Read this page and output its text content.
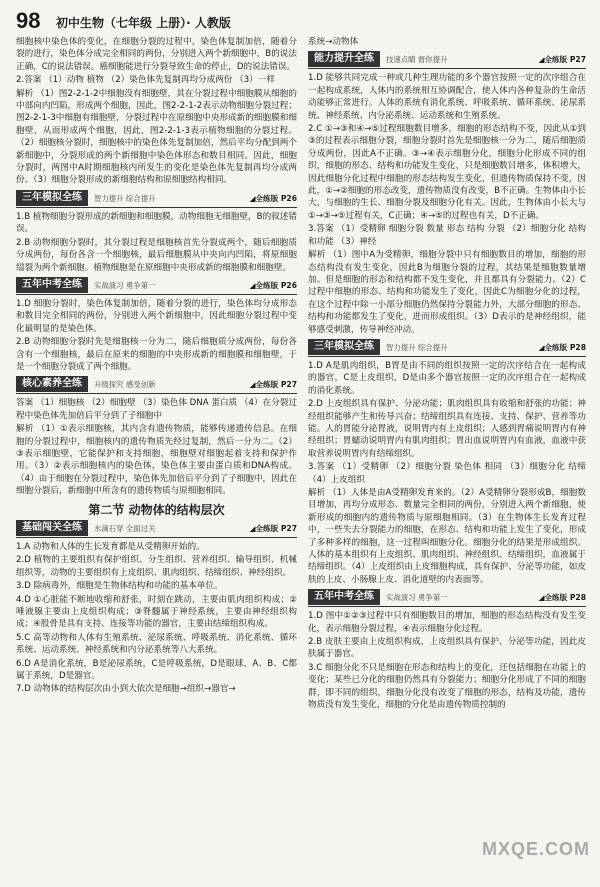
98 初中生物（七年级 上册）· 人教版

细胞核中染色体的变化，在细胞分裂的过程中，染色体复制加倍，随着分裂的进行，染色体分成完全相同的两份，分别进入两个新细胞中，B的说法正确，C的说法错误。癌细胞能进行分裂导致生命的停止，D的说法错误。

2.答案 （1）动物 植物 （2）染色体先复制再均分成两份 （3）一样

解析 （1）图2-2-1-2中细胞没有细胞壁，其在分裂过程中细胞膜从细胞的中部向内凹陷，形成两个细胞，因此，图2-2-1-2表示动物细胞分裂过程；图2-2-1-3中细胞有细胞壁，分裂过程中在原细胞中央形成新的细胞膜和细胞壁，从而形成两个细胞，因此，图2-2-1-3表示植物细胞的分裂过程。（2）细胞核分裂时，细胞核中的染色体先复制加倍，然后平均分配到两个新细胞中，分裂形成的两个新细胞中染色体形态和数目相同。因此，细胞分裂时，两图中A时期细胞核内所发生的变化是染色体先复制再均分成两份。（3）细胞分裂形成的新细胞结构和原细胞结构相同。

三年模拟全练	智力提升 综合提升	◢全练版 P26

1.B 植物细胞分裂形成的新细胞和细胞膜，动物细胞无细胞壁，B的叙述错误。

2.B 动物细胞分裂时，其分裂过程是细胞核首先分裂成两个，随后细胞质分成两份，每份各含一个细胞核，最后细胞膜从中央向内凹陷，将原细胞缢裂为两个新细胞。植物细胞是在原细胞中央形成新的细胞膜和细胞壁。

五年中考全练	实战演习 勇争第一	◢全练版 P26

1.D 细胞分裂时，染色体复制加倍，随着分裂的进行，染色体均分成形态和数目完全相同的两份，分别进入两个新细胞中，因此细胞分裂过程中变化最明显的是染色体。

2.B 动物细胞分裂时先是细胞核一分为二，随后细胞质分成两份，每份各含有一个细胞核，最后在原来的细胞的中央形成新的细胞膜和细胞壁，于是一个细胞分裂成了两个细胞。

核心素养全练	升级探究 感受创新	◢全练版 P27

答案 （1）细胞核 （2）细胞壁 （3）染色体 DNA 蛋白质 （4）在分裂过程中染色体先加倍后平分到了子细胞中

解析 （1）①表示细胞核，其内含有遗传物质，能够传递遗传信息。在细胞的分裂过程中，细胞核内的遗传物质先经过复制，然后一分为二。（2）③表示细胞壁，它能保护和支持细胞，细胞壁对细胞起着支持和保护作用。（3）②表示细胞核内的染色体，染色体主要由蛋白质和DNA构成。（4）由于细胞在分裂过程中，染色体先加倍后平分到了子细胞中，因此在细胞分裂后，新细胞中所含有的遗传物质与原细胞相同。

第二节 动物体的结构层次
基础闯关全练	水滴石穿 全面过关	◢全练版 P27

1.A 动物和人体的生长发育都是从受精卵开始的。

2.D 植物的主要组织有保护组织、分生组织、营养组织、输导组织、机械组织等，动物的主要组织有上皮组织、肌肉组织、结缔组织、神经组织。

3.D 除病毒外，细胞是生物体结构和功能的基本单位。

4.D ①心脏能不断地收缩和舒张，时刻在跳动，主要由肌肉组织构成；②唾液腺主要由上皮组织构成；③脊髓属于神经系统，主要由神经组织构成；④股骨是具有支持、连接等功能的器官，主要由结缔组织构成。

5.C 高等动物和人体有生殖系统、泌尿系统、呼吸系统、消化系统、循环系统、运动系统、神经系统和内分泌系统等八大系统。

6.D A是消化系统，B是泌尿系统，C是呼吸系统，D是眼球，A、B、C都属于系统，D是器官。

7.D 动物体的结构层次由小到大依次是细胞→组织→器官→

系统→动物体

能力提升全练	技速点睛 督你提升	◢全练版 P27

1.D 能够共同完成一种或几种生理功能的多个器官按照一定的次序组合在一起构成系统，人体内的系统相互协调配合，使人体内各种复杂的生命活动能够正常进行。人体的系统有消化系统、呼吸系统、循环系统、泌尿系统、神经系统、内分泌系统、运动系统和生殖系统。

2.C ①→③和④→⑤过程细胞数目增多，细胞的形态结构不变，因此从①到③的过程表示细胞分裂，细胞分裂时首先是细胞核一分为二，随后细胞质分成两份，因此A不正确。③→④表示细胞分化，细胞分化形成不同的组织，细胞的形态、结构和功能发生变化，只是细胞数目增多，体积增大，因此细胞分化过程中细胞的形态结构发生变化，但遗传物质保持不变，因此，①→②细胞的形态改变，遗传物质没有改变，B不正确。生物体由小长大，与细胞的生长、细胞分裂及细胞分化有关。因此，生物体由小长大与①→③→⑤过程有关，C正确；④→⑤的过程也有关，D不正确。

3.答案 （1）受精卵 细胞分裂 数量 形态 结构 分裂 （2）细胞分化 结构和功能 （3）神经

解析 （1）图中A为受精卵，细胞分裂中只有细胞数目的增加，细胞的形态结构没有发生变化，因此B为细胞分裂的过程，其结果是细胞数量增加。但是细胞的形态和结构都不发生变化，并且都具有分裂能力。（2）C过程中细胞的形态、结构和功能发生了变化，因此C为细胞分化的过程，在这个过程中除一小部分细胞仍然保持分裂能力外，大部分细胞的形态、结构和功能都发生了变化，进而形成组织。（3）D表示的是神经组织，能够感受刺激，传导神经冲动。

三年模拟全练	智力提升 综合提升	◢全练版 P28

1.D A是肌肉组织，B胃是由不同的组织按照一定的次序结合在一起构成的器官，C是上皮组织，D是由多个器官按照一定的次序组合在一起构成的消化系统。

2.D 上皮组织具有保护、分泌功能；肌肉组织具有收缩和舒张的功能；神经组织能够产生和传导兴奋；结缔组织具有连接、支持、保护、营养等功能。人的胃能分泌胃液，说明胃内有上皮组织；人感到胃痛说明胃内有神经组织；胃蠕动说明胃内有肌肉组织；胃出血说明胃内有血液，血液中获取营养说明胃内有结缔组织。

3.答案 （1）受精卵 （2）细胞分裂 染色体 相同 （3）细胞分化 结缔 （4）上皮组织

解析 （1）人体是由A受精卵发育来的。（2）A受精卵分裂形成B，细胞数目增加，再均分成形态、数量完全相同的两份，分别进入两个新细胞，使新形成的细胞内的遗传物质与原细胞相同。（3）在生物体生长发育过程中，一些失去分裂能力的细胞，在形态、结构和功能上发生了变化，形成了多种多样的细胞，这一过程叫细胞分化。细胞分化的结果是形成组织。人体的基本组织有上皮组织、肌肉组织、神经组织、结缔组织，血液属于结缔组织。（4）上皮组织由上皮细胞构成，具有保护、分泌等功能，如皮肤的上皮、小肠腺上皮、消化道壁的内表面等。

五年中考全练	实战演习 勇争第一	◢全练版 P28

1.D 图中①②③过程中只有细胞数目的增加，细胞的形态结构没有发生变化，表示细胞分裂过程，④表示细胞分化过程。

2.B 皮肤主要由上皮组织构成，上皮组织具有保护、分泌等功能，因此皮肤属于器官。

3.C 细胞分化不只是细胞在形态和结构上的变化，还包括细胞在功能上的变化；某些已分化的细胞仍然具有分裂能力；细胞分化形成了不同的细胞群，即不同的组织，细胞分化没有改变了细胞的形态，结构及功能，遗传物质没有发生变化，细胞的分化是由遗传物质控制的

MXQE.COM
